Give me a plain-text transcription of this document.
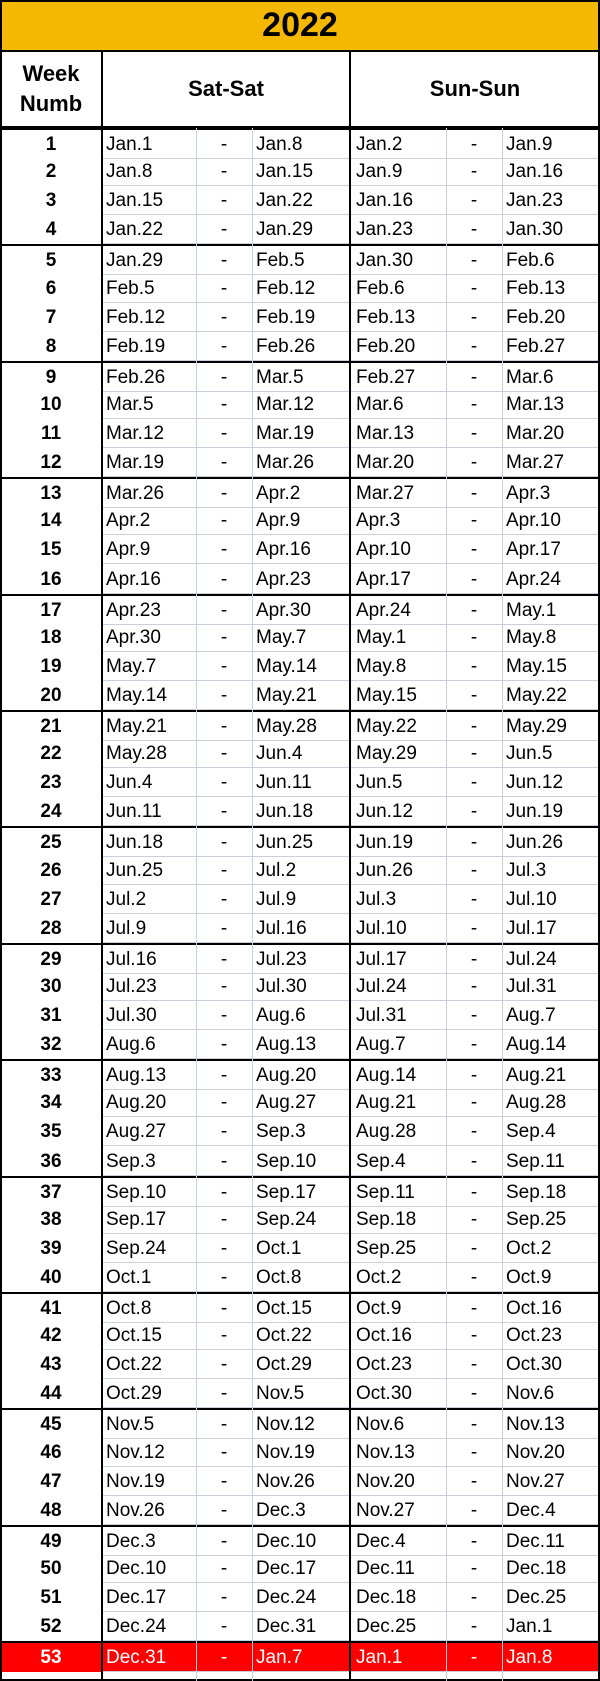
2022
Week
Numb
Sat-Sat	Sun-Sun
1	Jan.1	-	Jan.8	Jan.2	-	Jan.9
2	Jan.8	-	Jan.15	Jan.9	-	Jan.16
3	Jan.15	-	Jan.22	Jan.16	-	Jan.23
4	Jan.22	-	Jan.29	Jan.23	-	Jan.30
5	Jan.29	-	Feb.5	Jan.30	-	Feb.6
6	Feb.5	-	Feb.12	Feb.6	-	Feb.13
7	Feb.12	-	Feb.19	Feb.13	-	Feb.20
8	Feb.19	-	Feb.26	Feb.20	-	Feb.27
9	Feb.26	-	Mar.5	Feb.27	-	Mar.6
10	Mar.5	-	Mar.12	Mar.6	-	Mar.13
11	Mar.12	-	Mar.19	Mar.13	-	Mar.20
12	Mar.19	-	Mar.26	Mar.20	-	Mar.27
13	Mar.26	-	Apr.2	Mar.27	-	Apr.3
14	Apr.2	-	Apr.9	Apr.3	-	Apr.10
15	Apr.9	-	Apr.16	Apr.10	-	Apr.17
16	Apr.16	-	Apr.23	Apr.17	-	Apr.24
17	Apr.23	-	Apr.30	Apr.24	-	May.1
18	Apr.30	-	May.7	May.1	-	May.8
19	May.7	-	May.14	May.8	-	May.15
20	May.14	-	May.21	May.15	-	May.22
21	May.21	-	May.28	May.22	-	May.29
22	May.28	-	Jun.4	May.29	-	Jun.5
23	Jun.4	-	Jun.11	Jun.5	-	Jun.12
24	Jun.11	-	Jun.18	Jun.12	-	Jun.19
25	Jun.18	-	Jun.25	Jun.19	-	Jun.26
26	Jun.25	-	Jul.2	Jun.26	-	Jul.3
27	Jul.2	-	Jul.9	Jul.3	-	Jul.10
28	Jul.9	-	Jul.16	Jul.10	-	Jul.17
29	Jul.16	-	Jul.23	Jul.17	-	Jul.24
30	Jul.23	-	Jul.30	Jul.24	-	Jul.31
31	Jul.30	-	Aug.6	Jul.31	-	Aug.7
32	Aug.6	-	Aug.13	Aug.7	-	Aug.14
33	Aug.13	-	Aug.20	Aug.14	-	Aug.21
34	Aug.20	-	Aug.27	Aug.21	-	Aug.28
35	Aug.27	-	Sep.3	Aug.28	-	Sep.4
36	Sep.3	-	Sep.10	Sep.4	-	Sep.11
37	Sep.10	-	Sep.17	Sep.11	-	Sep.18
38	Sep.17	-	Sep.24	Sep.18	-	Sep.25
39	Sep.24	-	Oct.1	Sep.25	-	Oct.2
40	Oct.1	-	Oct.8	Oct.2	-	Oct.9
41	Oct.8	-	Oct.15	Oct.9	-	Oct.16
42	Oct.15	-	Oct.22	Oct.16	-	Oct.23
43	Oct.22	-	Oct.29	Oct.23	-	Oct.30
44	Oct.29	-	Nov.5	Oct.30	-	Nov.6
45	Nov.5	-	Nov.12	Nov.6	-	Nov.13
46	Nov.12	-	Nov.19	Nov.13	-	Nov.20
47	Nov.19	-	Nov.26	Nov.20	-	Nov.27
48	Nov.26	-	Dec.3	Nov.27	-	Dec.4
49	Dec.3	-	Dec.10	Dec.4	-	Dec.11
50	Dec.10	-	Dec.17	Dec.11	-	Dec.18
51	Dec.17	-	Dec.24	Dec.18	-	Dec.25
52	Dec.24	-	Dec.31	Dec.25	-	Jan.1
53	Dec.31	-	Jan.7	Jan.1	-	Jan.8
